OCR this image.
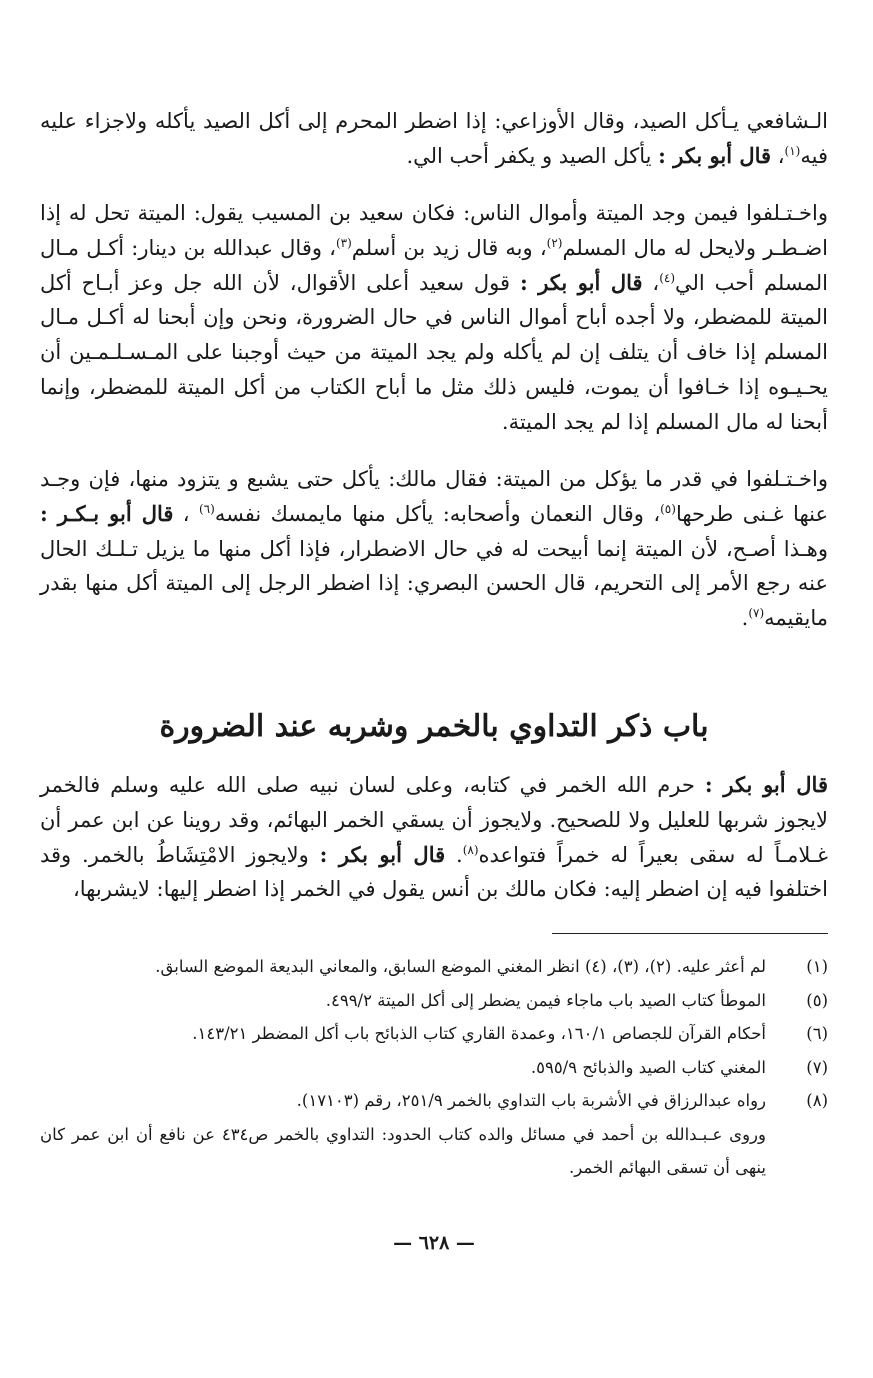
الـشافعي يـأكل الصيد، وقال الأوزاعي: إذا اضطر المحرم إلى أكل الصيد يأكله ولاجزاء عليه فيه$^{(١)}$، قال أبو بكر : يأكل الصيد و يكفر أحب الي.

واخـتـلفوا فيمن وجد الميتة وأموال الناس: فكان سعيد بن المسيب يقول: الميتة تحل له إذا اضـطـر ولايحل له مال المسلم$^{(٢)}$، وبه قال زيد بن أسلم$^{(٣)}$، وقال عبدالله بن دينار: أكـل مـال المسلم أحب الي$^{(٤)}$، قال أبو بكر : قول سعيد أعلى الأقوال، لأن الله جل وعز أبـاح أكل الميتة للمضطر، ولا أجده أباح أموال الناس في حال الضرورة، ونحن وإن أبحنا له أكـل مـال المسلم إذا خاف أن يتلف إن لم يأكله ولم يجد الميتة من حيث أوجبنا على المـسـلـمـين أن يحـيـوه إذا خـافوا أن يموت، فليس ذلك مثل ما أباح الكتاب من أكل الميتة للمضطر، وإنما أبحنا له مال المسلم إذا لم يجد الميتة.

واخـتـلفوا في قدر ما يؤكل من الميتة: فقال مالك: يأكل حتى يشبع و يتزود منها، فإن وجـد عنها غـنى طرحها$^{(٥)}$، وقال النعمان وأصحابه: يأكل منها مايمسك نفسه$^{(٦)}$ ، قال أبو بـكـر : وهـذا أصـح، لأن الميتة إنما أبيحت له في حال الاضطرار، فإذا أكل منها ما يزيل تـلـك الحال عنه رجع الأمر إلى التحريم، قال الحسن البصري: إذا اضطر الرجل إلى الميتة أكل منها بقدر مايقيمه$^{(٧)}$.

باب ذكر التداوي بالخمر وشربه عند الضرورة

قال أبو بكر : حرم الله الخمر في كتابه، وعلى لسان نبيه صلى الله عليه وسلم فالخمر لايجوز شربها للعليل ولا للصحيح. ولايجوز أن يسقي الخمر البهائم، وقد روينا عن ابن عمر أن غـلامـاً له سقى بعيراً له خمراً فتواعده$^{(٨)}$. قال أبو بكر : ولايجوز الامْتِشَاطُ بالخمر. وقد اختلفوا فيه إن اضطر إليه: فكان مالك بن أنس يقول في الخمر إذا اضطر إليها: لايشربها،

(١)
لم أعثر عليه. (٢)، (٣)، (٤) انظر المغني الموضع السابق، والمعاني البديعة الموضع السابق.
(٥)
الموطأ كتاب الصيد باب ماجاء فيمن يضطر إلى أكل الميتة ٤٩٩/٢.
(٦)
أحكام القرآن للجصاص ١٦٠/١، وعمدة القاري كتاب الذبائح باب أكل المضطر ١٤٣/٢١.
(٧)
المغني كتاب الصيد والذبائح ٥٩٥/٩.
(٨)
رواه عبدالرزاق في الأشربة باب التداوي بالخمر ٢٥١/٩، رقم (١٧١٠٣).
وروى عـبـدالله بن أحمد في مسائل والده كتاب الحدود: التداوي بالخمر ص٤٣٤ عن نافع أن ابن عمر كان ينهى أن تسقى البهائم الخمر.
— ٦٢٨ —
